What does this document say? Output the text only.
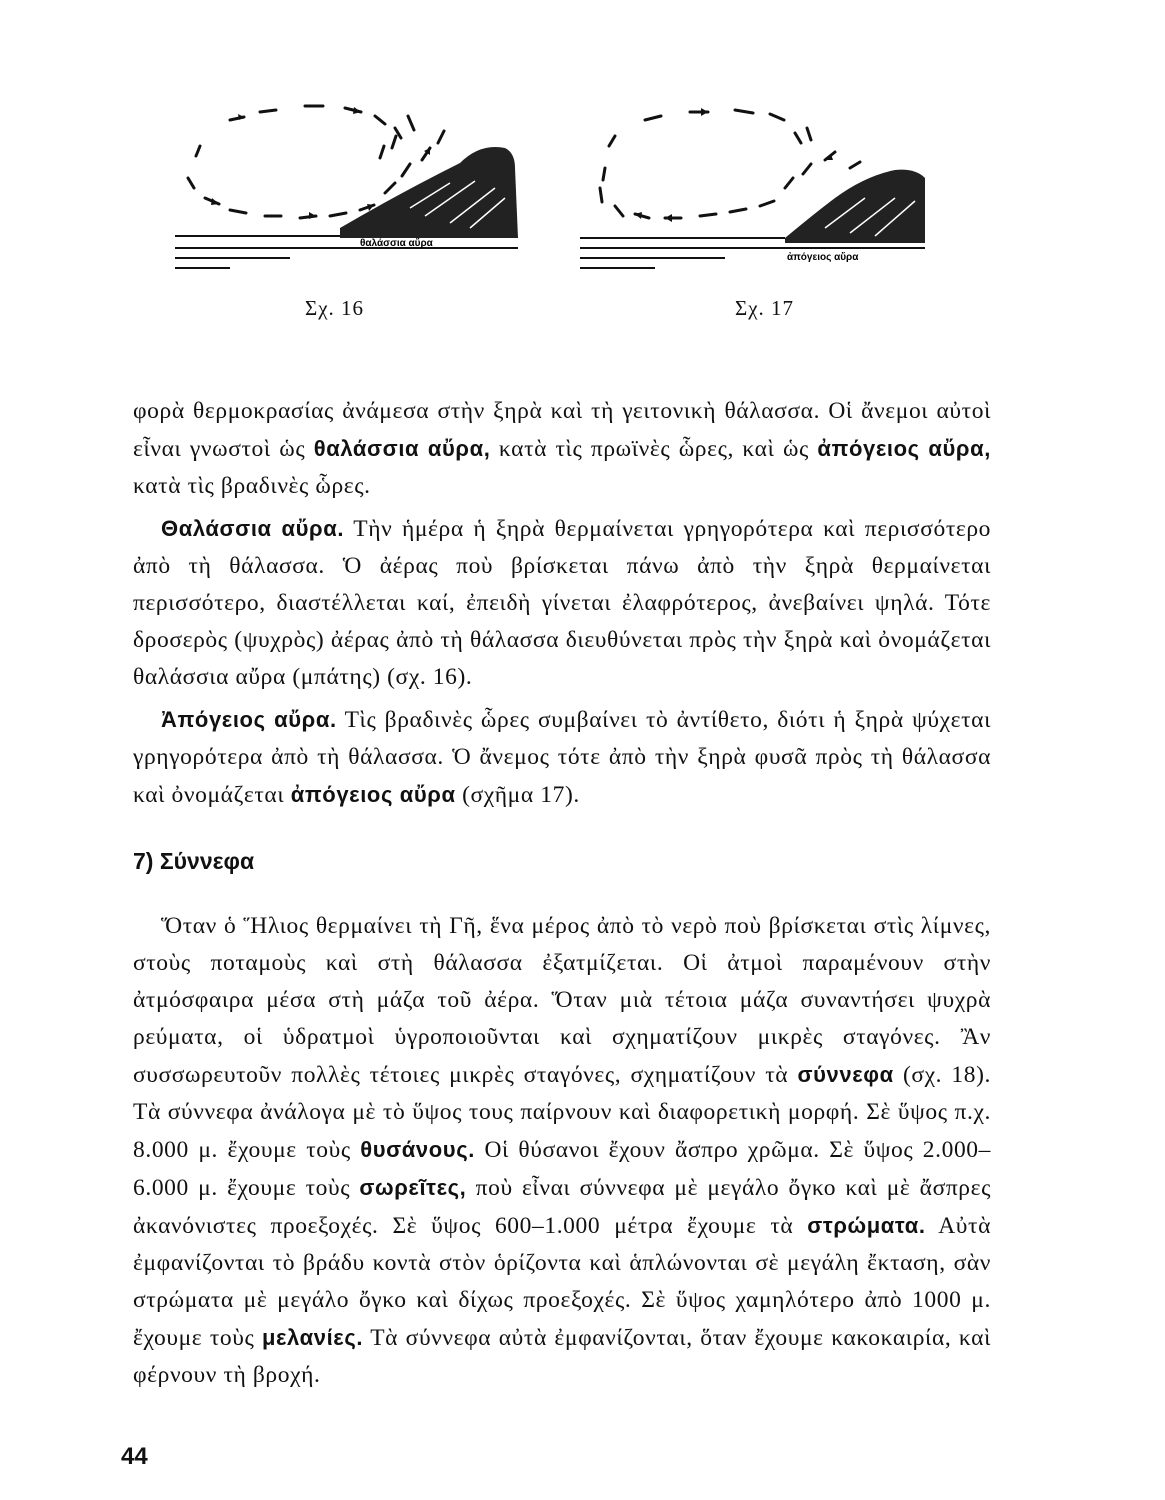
θαλάσσια αὔρα
Σχ. 16
ἀπόγειος αὔρα
Σχ. 17

φορὰ θερμοκρασίας ἀνάμεσα στὴν ξηρὰ καὶ τὴ γειτονικὴ θάλασσα. Οἱ ἄνεμοι αὐτοὶ εἶναι γνωστοὶ ὡς θαλάσσια αὔρα, κατὰ τὶς πρωϊνὲς ὧρες, καὶ ὡς ἀπόγειος αὔρα, κατὰ τὶς βραδινὲς ὧρες.

Θαλάσσια αὔρα. Τὴν ἡμέρα ἡ ξηρὰ θερμαίνεται γρηγορότερα καὶ περισσότερο ἀπὸ τὴ θάλασσα. Ὁ ἀέρας ποὺ βρίσκεται πάνω ἀπὸ τὴν ξηρὰ θερμαίνεται περισσότερο, διαστέλλεται καί, ἐπειδὴ γίνεται ἐλαφρότερος, ἀνεβαίνει ψηλά. Τότε δροσερὸς (ψυχρὸς) ἀέρας ἀπὸ τὴ θάλασσα διευθύνεται πρὸς τὴν ξηρὰ καὶ ὀνομάζεται θαλάσσια αὔρα (μπάτης) (σχ. 16).

Ἀπόγειος αὔρα. Τὶς βραδινὲς ὧρες συμβαίνει τὸ ἀντίθετο, διότι ἡ ξηρὰ ψύχεται γρηγορότερα ἀπὸ τὴ θάλασσα. Ὁ ἄνεμος τότε ἀπὸ τὴν ξηρὰ φυσᾶ πρὸς τὴ θάλασσα καὶ ὀνομάζεται ἀπόγειος αὔρα (σχῆμα 17).

7) Σύννεφα

Ὅταν ὁ Ἥλιος θερμαίνει τὴ Γῆ, ἕνα μέρος ἀπὸ τὸ νερὸ ποὺ βρίσκεται στὶς λίμνες, στοὺς ποταμοὺς καὶ στὴ θάλασσα ἐξατμίζεται. Οἱ ἀτμοὶ παραμένουν στὴν ἀτμόσφαιρα μέσα στὴ μάζα τοῦ ἀέρα. Ὅταν μιὰ τέτοια μάζα συναντήσει ψυχρὰ ρεύματα, οἱ ὑδρατμοὶ ὑγροποιοῦνται καὶ σχηματίζουν μικρὲς σταγόνες. Ἂν συσσωρευτοῦν πολλὲς τέτοιες μικρὲς σταγόνες, σχηματίζουν τὰ σύννεφα (σχ. 18). Τὰ σύννεφα ἀνάλογα μὲ τὸ ὕψος τους παίρνουν καὶ διαφορετικὴ μορφή. Σὲ ὕψος π.χ. 8.000 μ. ἔχουμε τοὺς θυσάνους. Οἱ θύσανοι ἔχουν ἄσπρο χρῶμα. Σὲ ὕψος 2.000–6.000 μ. ἔχουμε τοὺς σωρεῖτες, ποὺ εἶναι σύννεφα μὲ μεγάλο ὄγκο καὶ μὲ ἄσπρες ἀκανόνιστες προεξοχές. Σὲ ὕψος 600–1.000 μέτρα ἔχουμε τὰ στρώματα. Αὐτὰ ἐμφανίζονται τὸ βράδυ κοντὰ στὸν ὁρίζοντα καὶ ἁπλώνονται σὲ μεγάλη ἔκταση, σὰν στρώματα μὲ μεγάλο ὄγκο καὶ δίχως προεξοχές. Σὲ ὕψος χαμηλότερο ἀπὸ 1000 μ. ἔχουμε τοὺς μελανίες. Τὰ σύννεφα αὐτὰ ἐμφανίζονται, ὅταν ἔχουμε κακοκαιρία, καὶ φέρνουν τὴ βροχή.

44
